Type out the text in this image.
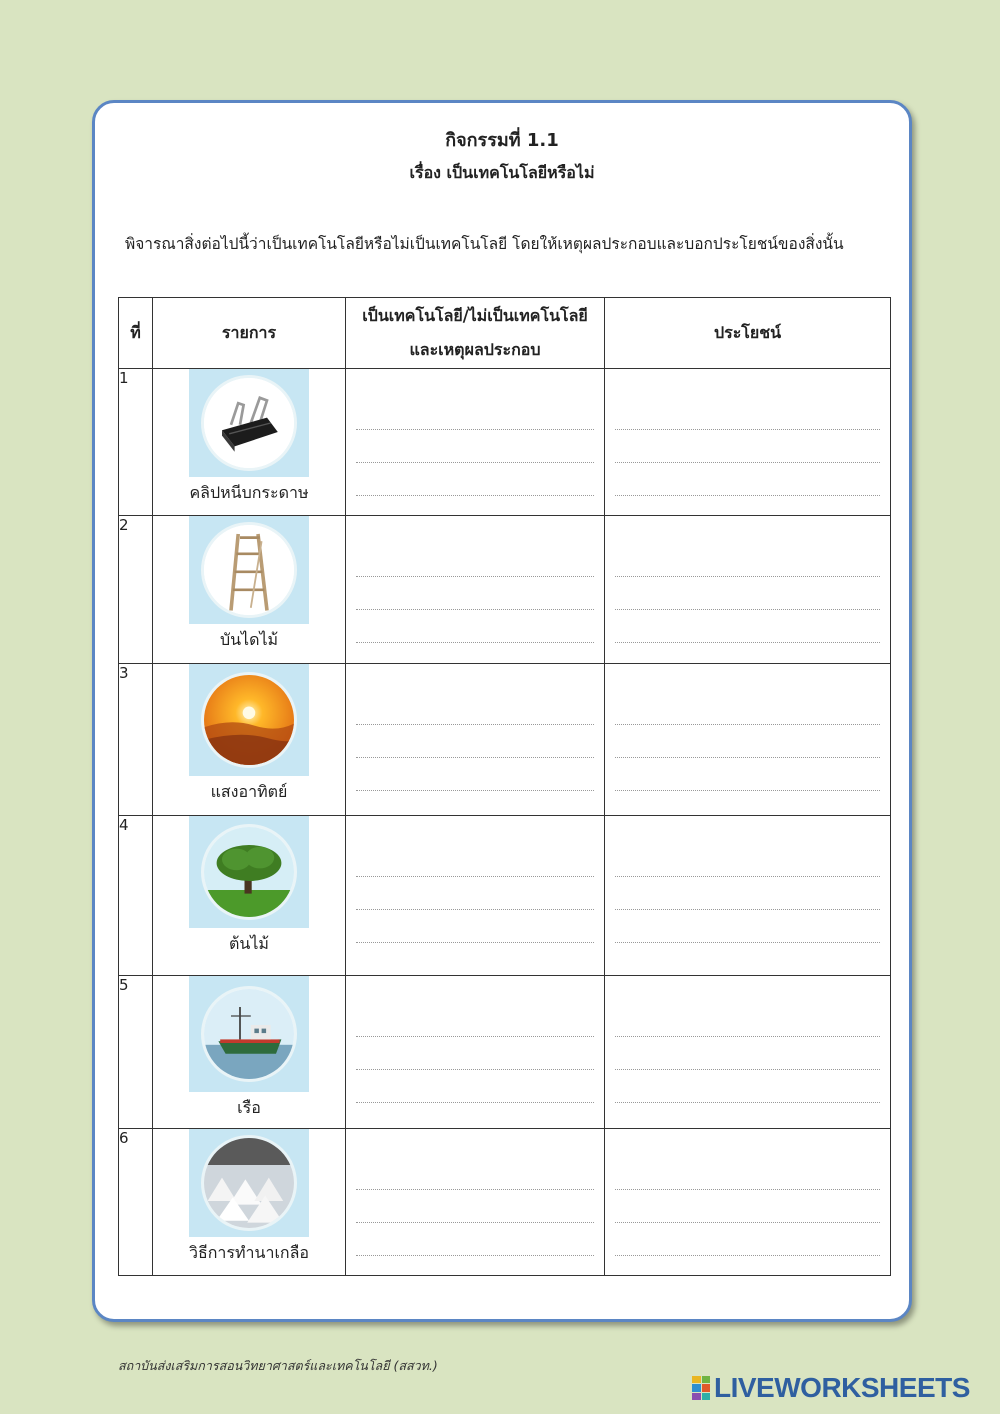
กิจกรรมที่ 1.1
เรื่อง เป็นเทคโนโลยีหรือไม่
พิจารณาสิ่งต่อไปนี้ว่าเป็นเทคโนโลยีหรือไม่เป็นเทคโนโลยี โดยให้เหตุผลประกอบและบอกประโยชน์ของสิ่งนั้น
ที่	รายการ	เป็นเทคโนโลยี/ไม่เป็นเทคโนโลยี
และเหตุผลประกอบ	ประโยชน์
1	คลิปหนีบกระดาษ		

2	บันไดไม้		

3	แสงอาทิตย์		

4	ต้นไม้		

5	เรือ		

6	วิธีการทำนาเกลือ		

สถาบันส่งเสริมการสอนวิทยาศาสตร์และเทคโนโลยี (สสวท.)
LIVEWORKSHEETS
